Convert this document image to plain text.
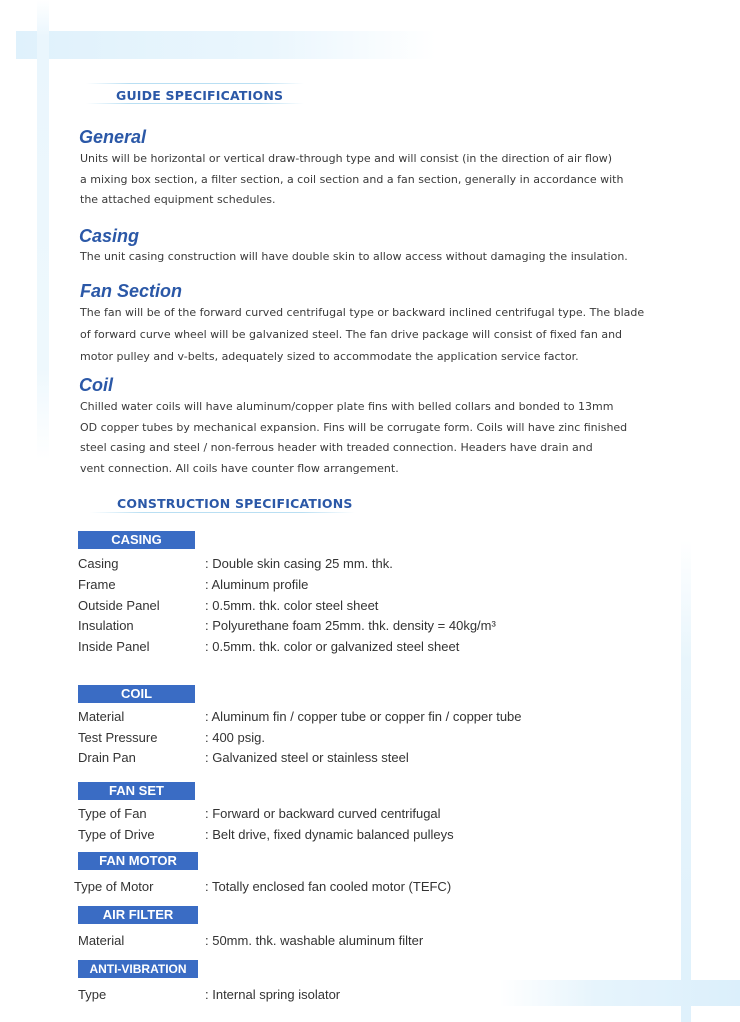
GUIDE SPECIFICATIONS
General
Units will be horizontal or vertical draw-through type and will consist (in the direction of air flow)
a mixing box section, a filter section, a coil section and a fan section, generally in accordance with
the attached equipment schedules.
Casing
The unit casing construction will have double skin to allow access without damaging the insulation.
Fan Section
The fan will be of the forward curved centrifugal type or backward inclined centrifugal type. The blade
of forward curve wheel will be galvanized steel. The fan drive package will consist of fixed fan and
motor pulley and v-belts, adequately sized to accommodate the application service factor.
Coil
Chilled water coils will have aluminum/copper plate fins with belled collars and bonded to 13mm
OD copper tubes by mechanical expansion. Fins will be corrugate form. Coils will have zinc finished
steel casing and steel / non-ferrous header with treaded connection. Headers have drain and
vent connection. All coils have counter flow arrangement.
CONSTRUCTION SPECIFICATIONS
CASING
Casing	: Double skin casing 25 mm. thk.
Frame	: Aluminum profile
Outside Panel	: 0.5mm. thk. color steel sheet
Insulation	: Polyurethane foam 25mm. thk. density = 40kg/m³
Inside Panel	: 0.5mm. thk. color or galvanized steel sheet
COIL
Material	: Aluminum fin / copper tube or copper fin / copper tube
Test Pressure	: 400 psig.
Drain Pan	: Galvanized steel or stainless steel
FAN SET
Type of Fan	: Forward or backward curved centrifugal
Type of Drive	: Belt drive, fixed dynamic balanced pulleys
FAN MOTOR
Type of Motor	: Totally enclosed fan cooled motor (TEFC)
AIR FILTER
Material	: 50mm. thk. washable aluminum filter
ANTI-VIBRATION
Type	: Internal spring isolator
